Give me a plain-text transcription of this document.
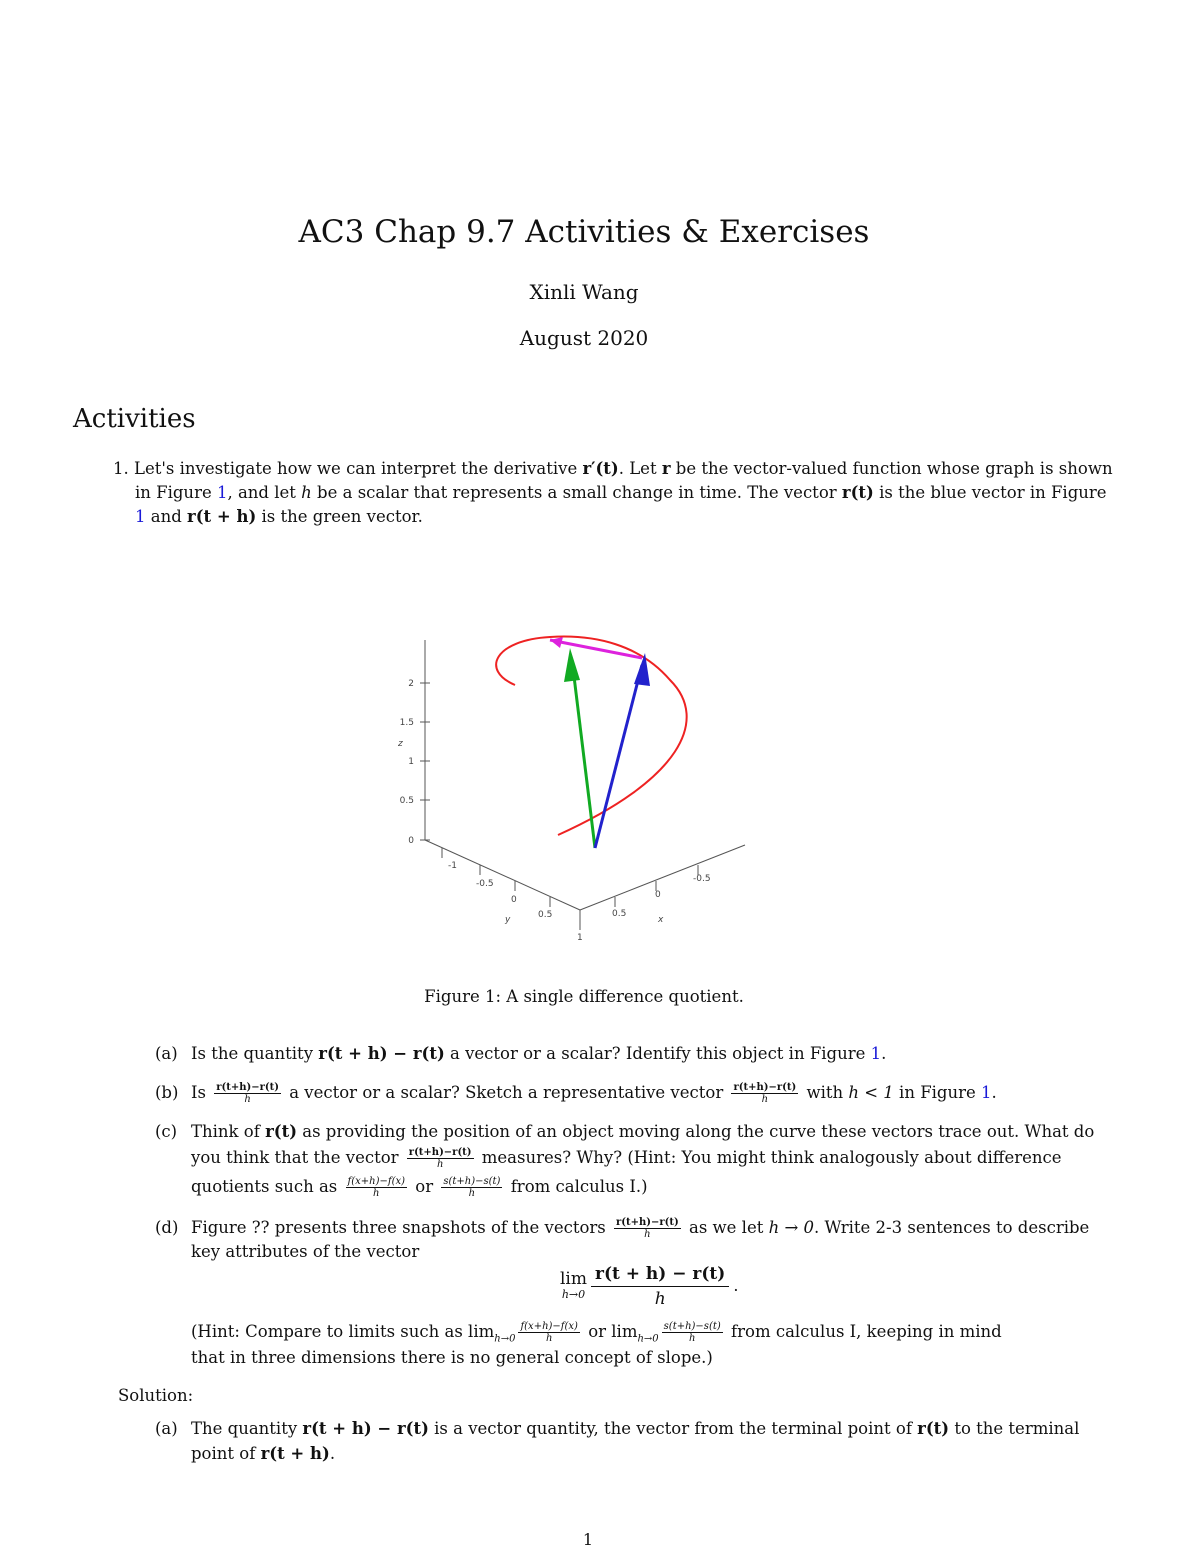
AC3 Chap 9.7 Activities & Exercises
Xinli Wang
August 2020
Activities
1. Let's investigate how we can interpret the derivative r′(t). Let r be the vector-valued function whose graph is shown
in Figure 1, and let h be a scalar that represents a small change in time. The vector r(t) is the blue vector in Figure
1 and r(t + h) is the green vector.
2
1.5
1
0.5
0
z
-1
-0.5
0
0.5
1
y
0.5
0
-0.5
x
Figure 1: A single difference quotient.
(a) Is the quantity r(t + h) − r(t) a vector or a scalar? Identify this object in Figure 1.
(b) Is $\frac{r(t+h)-r(t)}{h}$ a vector or a scalar? Sketch a representative vector $\frac{r(t+h)-r(t)}{h}$ with h < 1 in Figure 1.
(c) Think of r(t) as providing the position of an object moving along the curve these vectors trace out. What do
you think that the vector $\frac{r(t+h)-r(t)}{h}$ measures? Why? (Hint: You might think analogously about difference
quotients such as $\frac{f(x+h)-f(x)}{h}$ or $\frac{s(t+h)-s(t)}{h}$ from calculus I.)
(d) Figure ?? presents three snapshots of the vectors $\frac{r(t+h)-r(t)}{h}$ as we let h → 0. Write 2-3 sentences to describe
key attributes of the vector
lim
$h\to 0 \frac{r(t + h) - r(t)}{h}$ .
(Hint: Compare to limits such as $\lim_{h\to 0} \frac{f(x+h)-f(x)}{h}$ or $\lim_{h\to 0} \frac{s(t+h)-s(t)}{h}$ from calculus I, keeping in mind
that in three dimensions there is no general concept of slope.)
Solution:
(a) The quantity r(t + h) − r(t) is a vector quantity, the vector from the terminal point of r(t) to the terminal
point of r(t + h).
1
